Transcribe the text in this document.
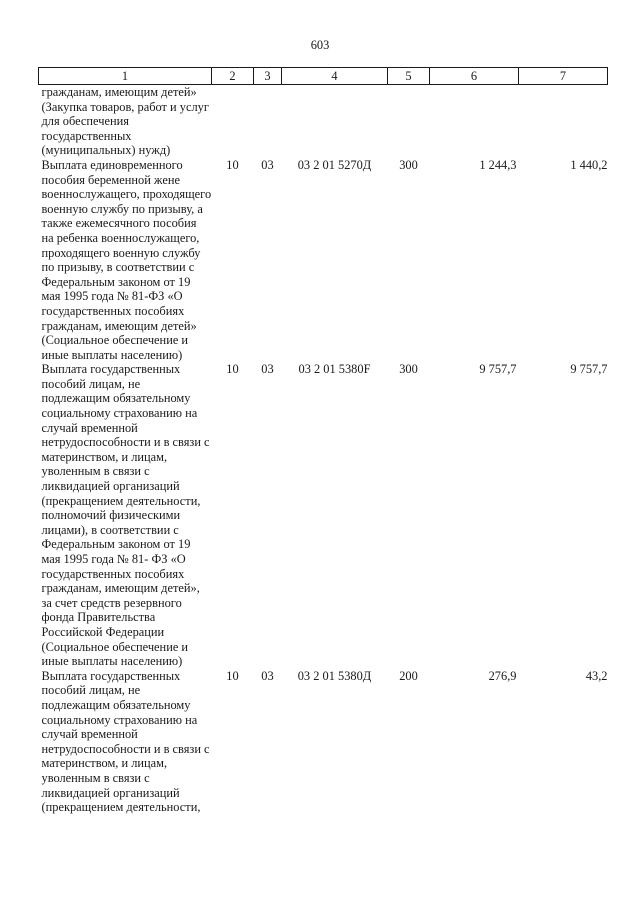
603
1	2	3	4	5	6	7
гражданам, имеющим детей» (Закупка товаров, работ и услуг для обеспечения государственных (муниципальных) нужд)						
Выплата единовременного пособия беременной жене военнослужащего, проходящего военную службу по призыву, а также ежемесячного пособия на ребенка военнослужащего, проходящего военную службу по призыву, в соответствии с Федеральным законом от 19 мая 1995 года № 81-ФЗ «О государственных пособиях гражданам, имеющим детей» (Социальное обеспечение и иные выплаты населению)	10	03	03 2 01 5270Д	300	1 244,3	1 440,2
Выплата государственных пособий лицам, не подлежащим обязательному социальному страхованию на случай временной нетрудоспособности и в связи с материнством, и лицам, уволенным в связи с ликвидацией организаций (прекращением деятельности, полномочий физическими лицами), в соответствии с Федеральным законом от 19 мая 1995 года № 81- ФЗ «О государственных пособиях гражданам, имеющим детей», за счет средств резервного фонда Правительства Российской Федерации (Социальное обеспечение и иные выплаты населению)	10	03	03 2 01 5380F	300	9 757,7	9 757,7
Выплата государственных пособий лицам, не подлежащим обязательному социальному страхованию на случай временной нетрудоспособности и в связи с материнством, и лицам, уволенным в связи с ликвидацией организаций (прекращением деятельности,	10	03	03 2 01 5380Д	200	276,9	43,2
